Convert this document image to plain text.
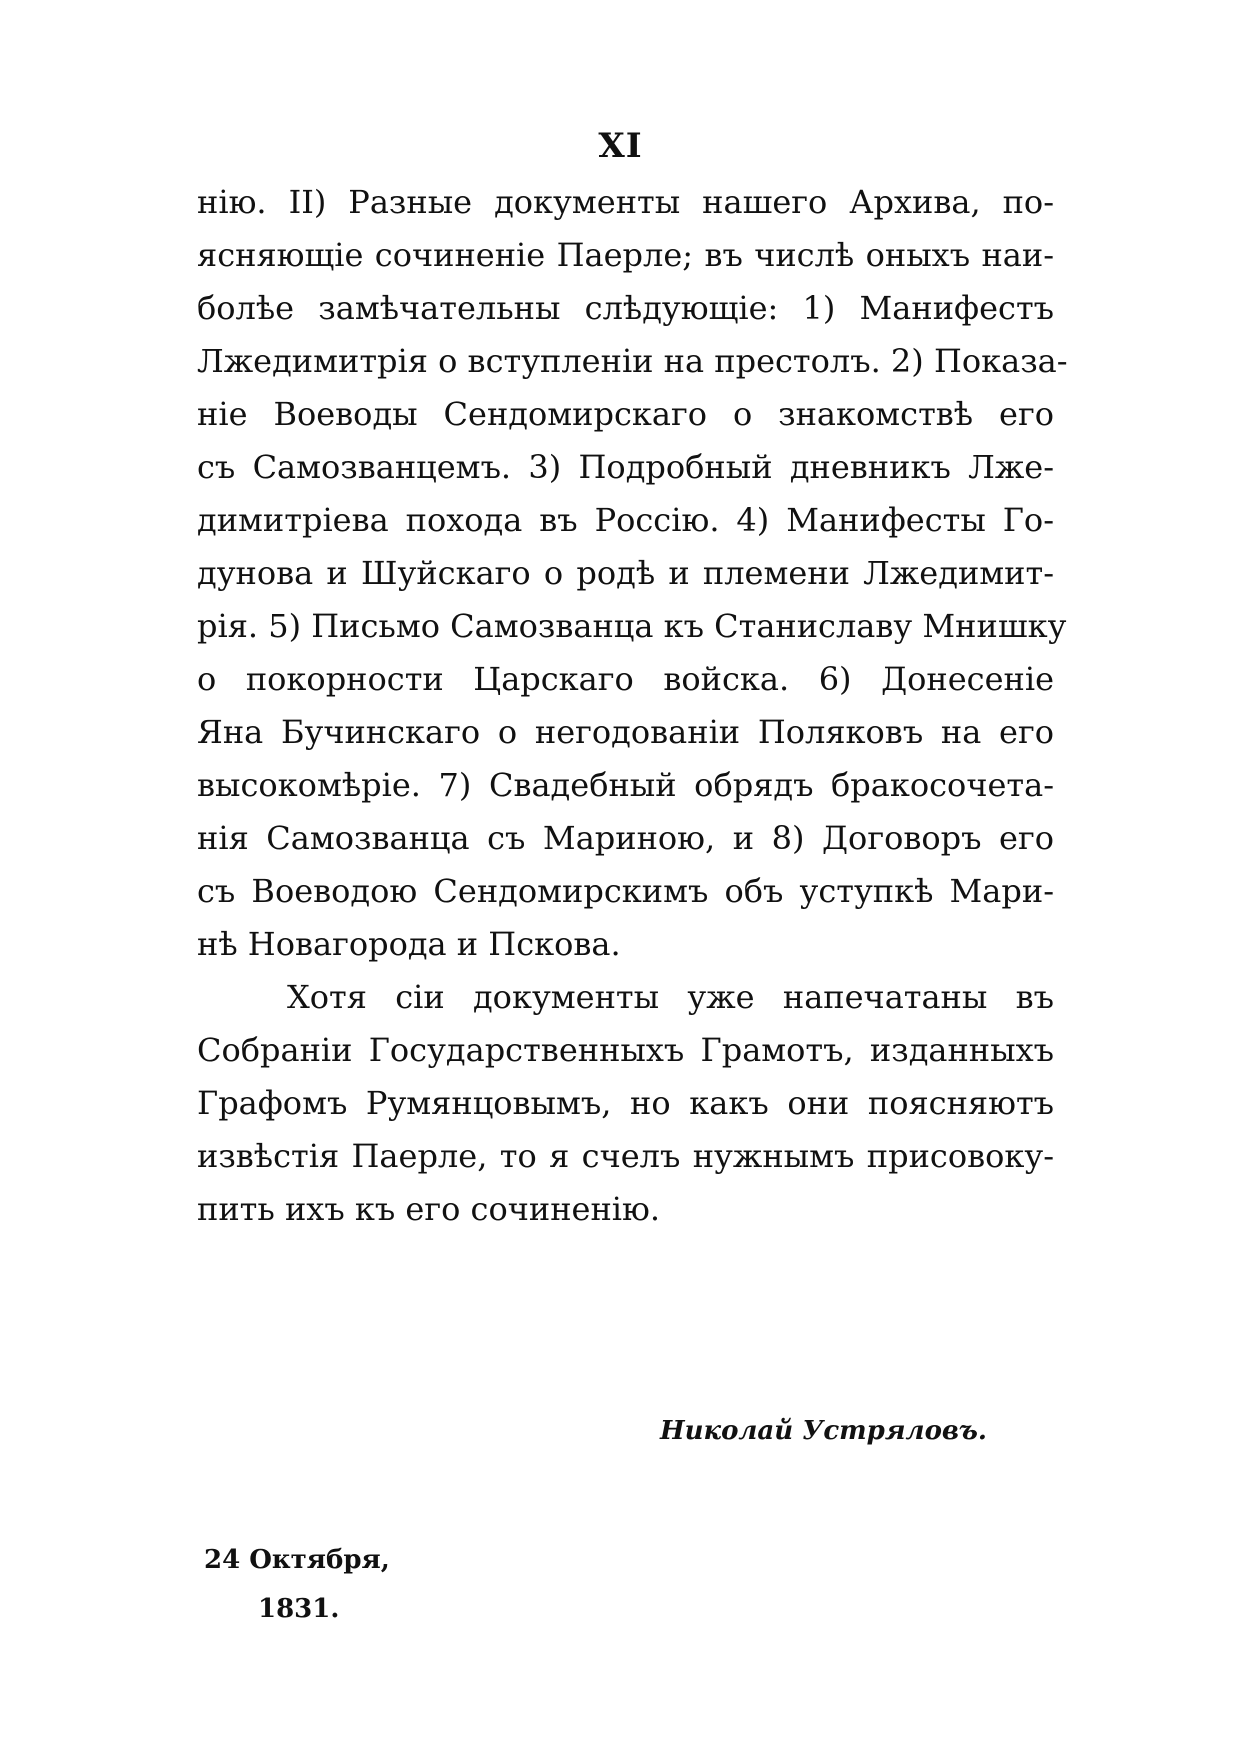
XI
нію. II) Разные документы нашего Архива, по-
ясняющіе сочиненіе Паерле; въ числѣ оныхъ наи-
болѣе замѣчательны слѣдующіе: 1) Манифестъ
Лжедимитрія о вступленіи на престолъ. 2) Показа-
ніе Воеводы Сендомирскаго о знакомствѣ его
съ Самозванцемъ. 3) Подробный дневникъ Лже-
димитріева похода въ Россію. 4) Манифесты Го-
дунова и Шуйскаго о родѣ и племени Лжедимит-
рія. 5) Письмо Самозванца къ Станиславу Мнишку
о покорности Царскаго войска. 6) Донесеніе
Яна Бучинскаго о негодованіи Поляковъ на его
высокомѣріе. 7) Свадебный обрядъ бракосочета-
нія Самозванца съ Мариною, и 8) Договоръ его
съ Воеводою Сендомирскимъ объ уступкѣ Мари-
нѣ Новагорода и Пскова.
Хотя сіи документы уже напечатаны въ
Собраніи Государственныхъ Грамотъ, изданныхъ
Графомъ Румянцовымъ, но какъ они поясняютъ
извѣстія Паерле, то я счелъ нужнымъ присовоку-
пить ихъ къ его сочиненію.
Николай Устряловъ.
24 Октября,
1831.
